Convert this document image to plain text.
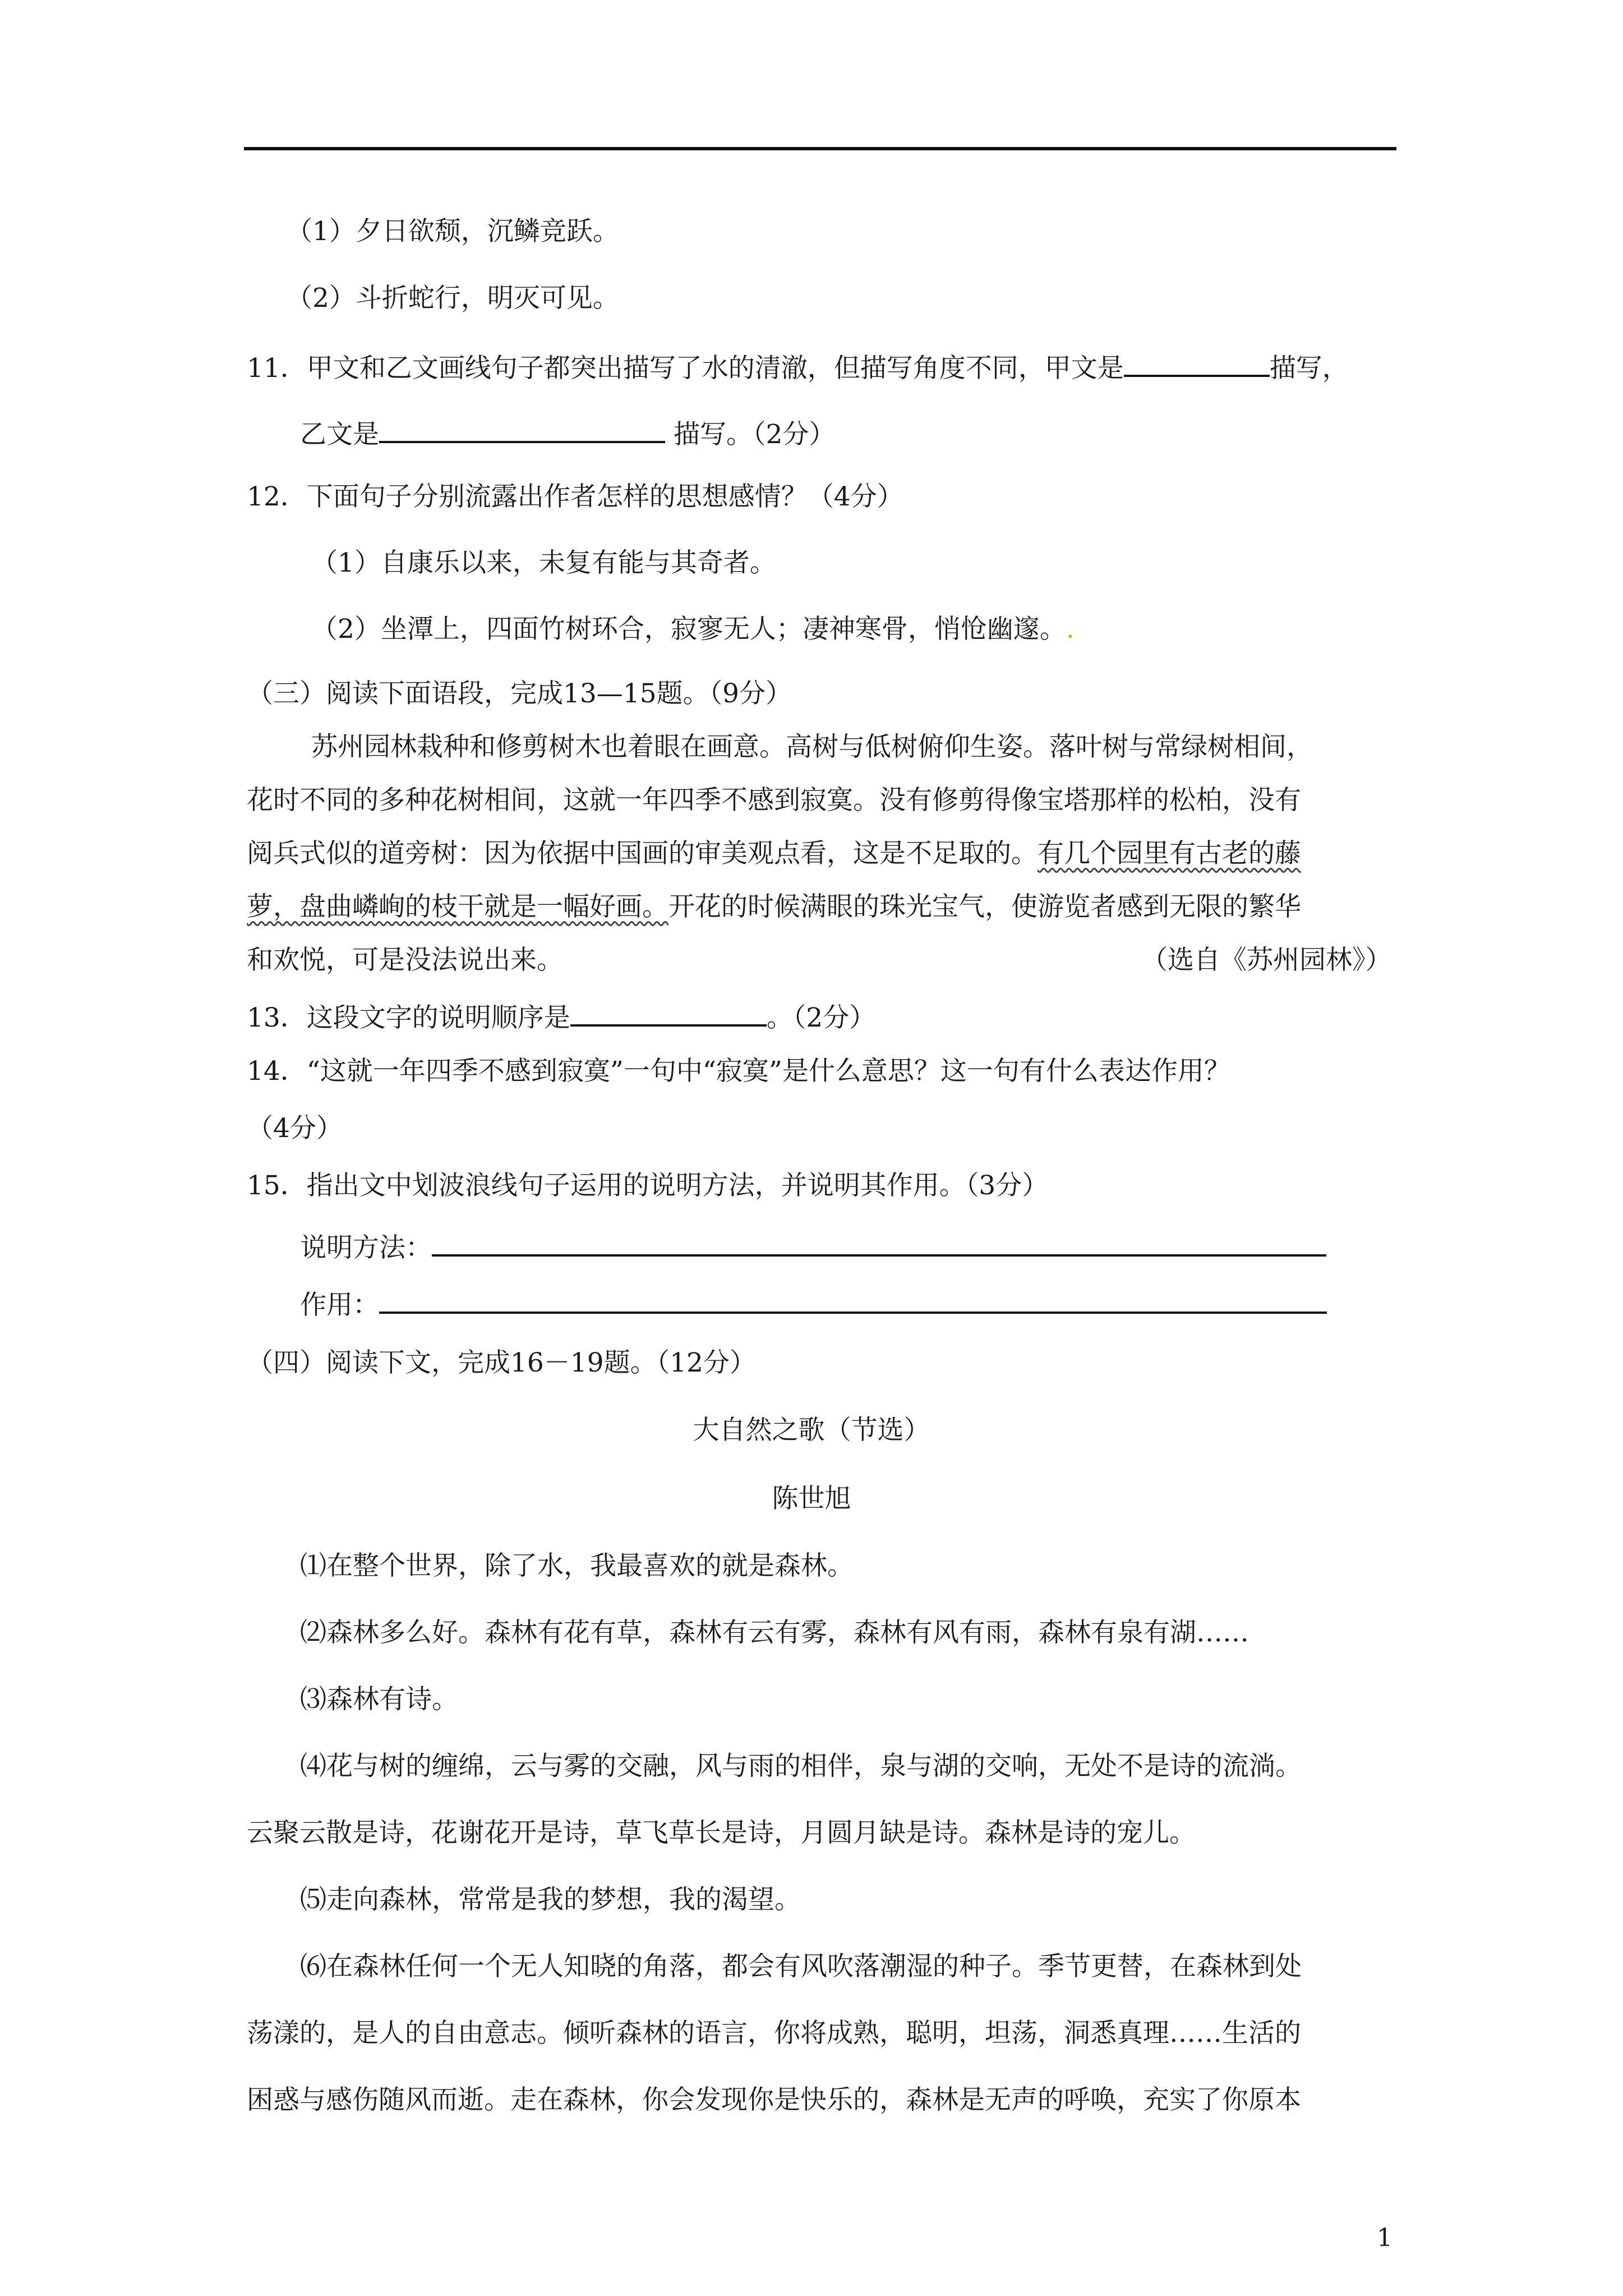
（1）夕日欲颓，沉鳞竞跃。
（2）斗折蛇行，明灭可见。
11．甲文和乙文画线句子都突出描写了水的清澈，但描写角度不同，甲文是	描写，
乙文是	描写。（2分）
12．下面句子分别流露出作者怎样的思想感情？（4分）
（1）自康乐以来，未复有能与其奇者。
（2）坐潭上，四面竹树环合，寂寥无人；凄神寒骨，悄怆幽邃。.
（三）阅读下面语段，完成13—15题。（9分）
苏州园林栽种和修剪树木也着眼在画意。高树与低树俯仰生姿。落叶树与常绿树相间，
花时不同的多种花树相间，这就一年四季不感到寂寞。没有修剪得像宝塔那样的松柏，没有
阅兵式似的道旁树：因为依据中国画的审美观点看，这是不足取的。有几个园里有古老的藤
萝，盘曲嶙峋的枝干就是一幅好画。开花的时候满眼的珠光宝气，使游览者感到无限的繁华
和欢悦，可是没法说出来。	（选自《苏州园林》）
13．这段文字的说明顺序是	。（2分）
14．“这就一年四季不感到寂寞”一句中“寂寞”是什么意思？这一句有什么表达作用？
（4分）
15．指出文中划波浪线句子运用的说明方法，并说明其作用。（3分）
说明方法：
作用：
（四）阅读下文，完成16－19题。（12分）
大自然之歌（节选）
陈世旭
⑴在整个世界，除了水，我最喜欢的就是森林。
⑵森林多么好。森林有花有草，森林有云有雾，森林有风有雨，森林有泉有湖……
⑶森林有诗。
⑷花与树的缠绵，云与雾的交融，风与雨的相伴，泉与湖的交响，无处不是诗的流淌。
云聚云散是诗，花谢花开是诗，草飞草长是诗，月圆月缺是诗。森林是诗的宠儿。
⑸走向森林，常常是我的梦想，我的渴望。
⑹在森林任何一个无人知晓的角落，都会有风吹落潮湿的种子。季节更替，在森林到处
荡漾的，是人的自由意志。倾听森林的语言，你将成熟，聪明，坦荡，洞悉真理……生活的
困惑与感伤随风而逝。走在森林，你会发现你是快乐的，森林是无声的呼唤，充实了你原本
1
